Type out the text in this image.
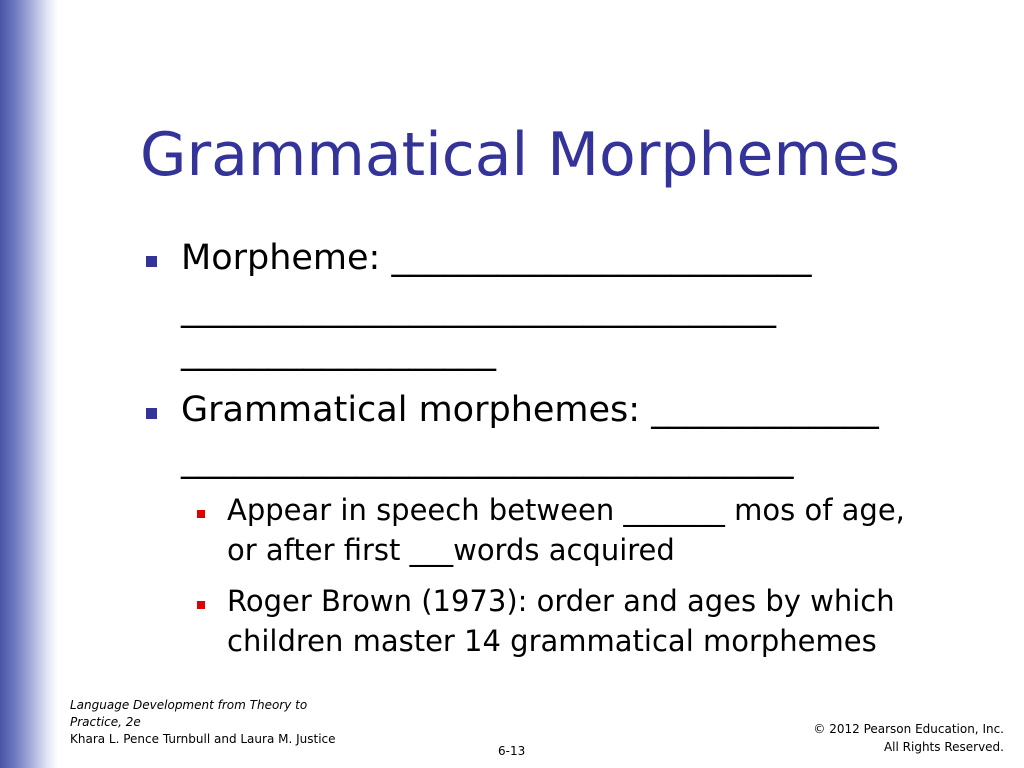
Grammatical Morphemes
Morpheme: ________________________
__________________________________
__________________
Grammatical morphemes: _____________
___________________________________
Appear in speech between _______ mos of age,
or after first ___words acquired
Roger Brown (1973): order and ages by which
children master 14 grammatical morphemes
Language Development from Theory to
Practice, 2e
Khara L. Pence Turnbull and Laura M. Justice
© 2012 Pearson Education, Inc.
All Rights Reserved.
6-13
